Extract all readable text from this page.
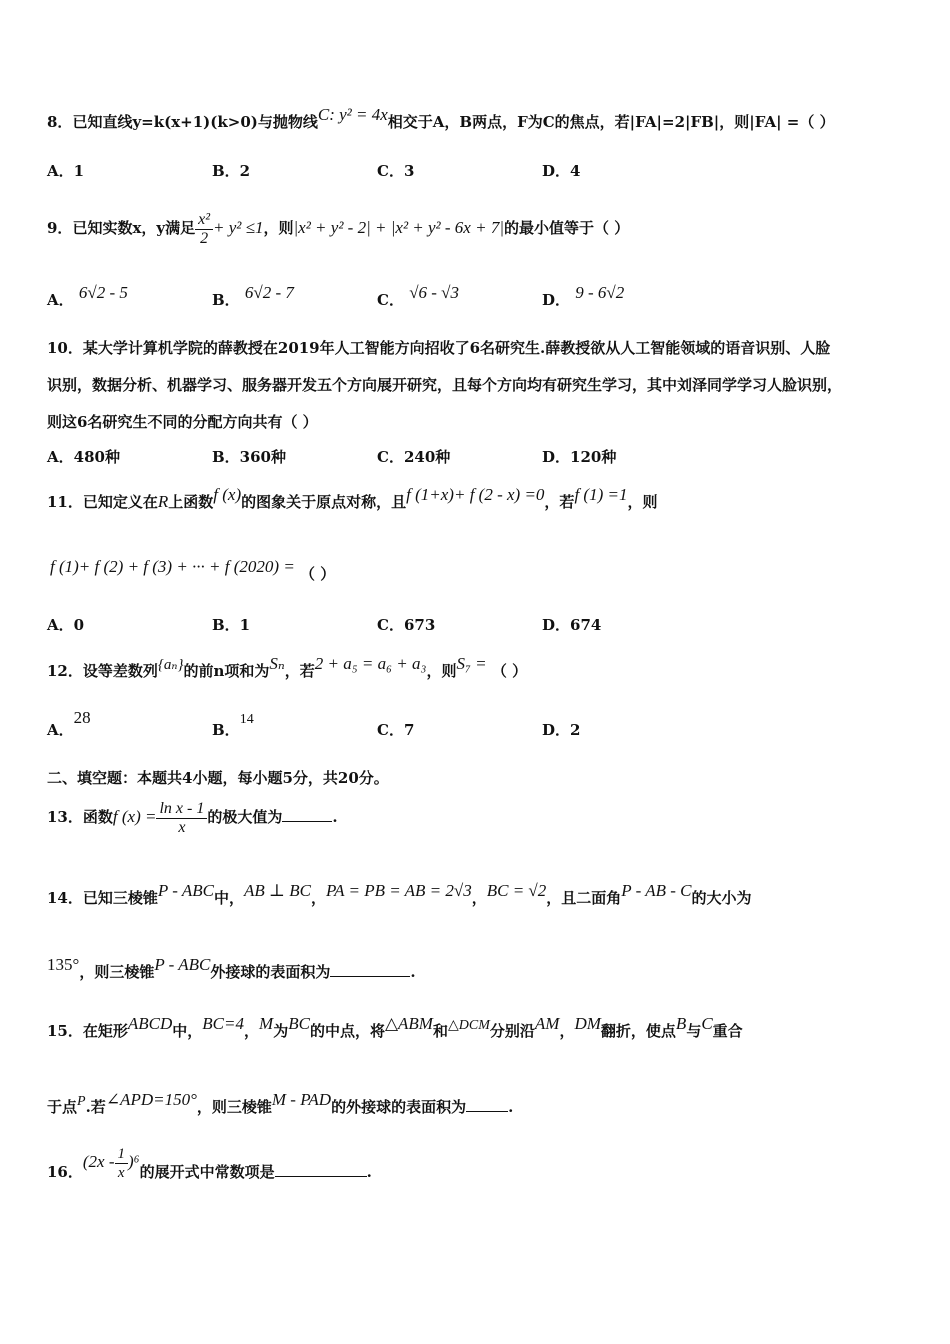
8．已知直线y=k(x+1)(k>0)与抛物线C: y² = 4x相交于A，B两点，F为C的焦点，若|FA|=2|FB|，则|FA| =（ ）
A．1	B．2	C．3	D．4
9．已知实数x，y满足 $\frac{\text{x²}}{2} + y^2 \le 1$，则|x² + y² - 2| + |x² + y² - 6x + 7|的最小值等于（ ）
A． 6√2 - 5	B． 6√2 - 7	C． √6 - √3	D． 9 - 6√2
10．某大学计算机学院的薛教授在2019年人工智能方向招收了6名研究生.薛教授欲从人工智能领域的语音识别、人脸
识别，数据分析、机器学习、服务器开发五个方向展开研究，且每个方向均有研究生学习，其中刘泽同学学习人脸识别，
则这6名研究生不同的分配方向共有（ ）
A．480种	B．360种	C．240种	D．120种
11．已知定义在R上函数f (x)的图象关于原点对称，且f (1+x)+ f (2 - x) =0，若f (1) =1，则
f (1)+ f (2) + f (3) + ··· + f (2020) = （ ）
A．0	B．1	C．673	D．674
12．设等差数列{aₙ}的前n项和为Sₙ，若2 + a₅ = a₆ + a₃，则S₇ = （ ）
A．28
B．14
C．7	D．2
二、填空题：本题共4小题，每小题5分，共20分。
13．函数f $(x) = \frac{\text{ln x - 1}}{x}$ 的极大值为	.
14．已知三棱锥P - ABC中，AB ⊥ BC，PA = PB = AB = 2√3，BC = √2，且二面角P - AB - C的大小为
135°，则三棱锥P - ABC外接球的表面积为	.
15．在矩形ABCD中，BC=4，M为BC的中点，将△ABM和△DCM分别沿AM，DM翻折，使点B与C重合
于点P.若∠APD=150°，则三棱锥M - PAD的外接球的表面积为	.
16．$(2x - \frac{1}{x} )^6$的展开式中常数项是	.
